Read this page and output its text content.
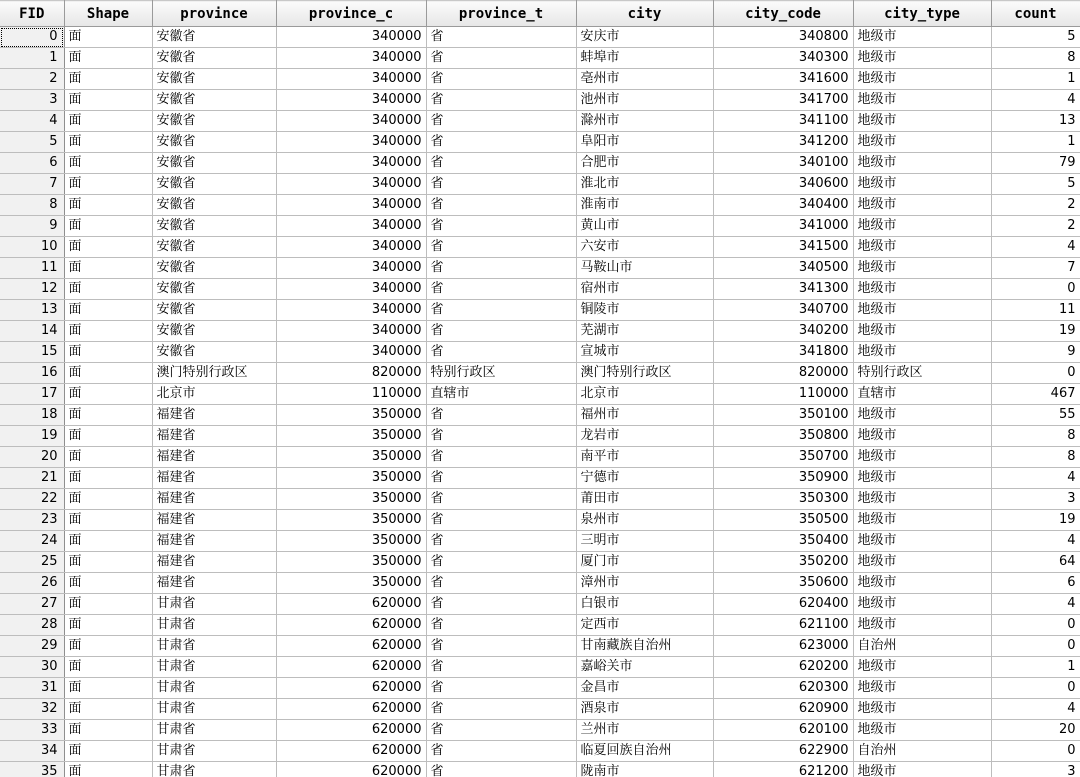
FID	Shape	province	province_c	province_t	city	city_code	city_type	count
0	面	安徽省	340000	省	安庆市	340800	地级市	5
1	面	安徽省	340000	省	蚌埠市	340300	地级市	8
2	面	安徽省	340000	省	亳州市	341600	地级市	1
3	面	安徽省	340000	省	池州市	341700	地级市	4
4	面	安徽省	340000	省	滁州市	341100	地级市	13
5	面	安徽省	340000	省	阜阳市	341200	地级市	1
6	面	安徽省	340000	省	合肥市	340100	地级市	79
7	面	安徽省	340000	省	淮北市	340600	地级市	5
8	面	安徽省	340000	省	淮南市	340400	地级市	2
9	面	安徽省	340000	省	黄山市	341000	地级市	2
10	面	安徽省	340000	省	六安市	341500	地级市	4
11	面	安徽省	340000	省	马鞍山市	340500	地级市	7
12	面	安徽省	340000	省	宿州市	341300	地级市	0
13	面	安徽省	340000	省	铜陵市	340700	地级市	11
14	面	安徽省	340000	省	芜湖市	340200	地级市	19
15	面	安徽省	340000	省	宣城市	341800	地级市	9
16	面	澳门特别行政区	820000	特别行政区	澳门特别行政区	820000	特别行政区	0
17	面	北京市	110000	直辖市	北京市	110000	直辖市	467
18	面	福建省	350000	省	福州市	350100	地级市	55
19	面	福建省	350000	省	龙岩市	350800	地级市	8
20	面	福建省	350000	省	南平市	350700	地级市	8
21	面	福建省	350000	省	宁德市	350900	地级市	4
22	面	福建省	350000	省	莆田市	350300	地级市	3
23	面	福建省	350000	省	泉州市	350500	地级市	19
24	面	福建省	350000	省	三明市	350400	地级市	4
25	面	福建省	350000	省	厦门市	350200	地级市	64
26	面	福建省	350000	省	漳州市	350600	地级市	6
27	面	甘肃省	620000	省	白银市	620400	地级市	4
28	面	甘肃省	620000	省	定西市	621100	地级市	0
29	面	甘肃省	620000	省	甘南藏族自治州	623000	自治州	0
30	面	甘肃省	620000	省	嘉峪关市	620200	地级市	1
31	面	甘肃省	620000	省	金昌市	620300	地级市	0
32	面	甘肃省	620000	省	酒泉市	620900	地级市	4
33	面	甘肃省	620000	省	兰州市	620100	地级市	20
34	面	甘肃省	620000	省	临夏回族自治州	622900	自治州	0
35	面	甘肃省	620000	省	陇南市	621200	地级市	3
